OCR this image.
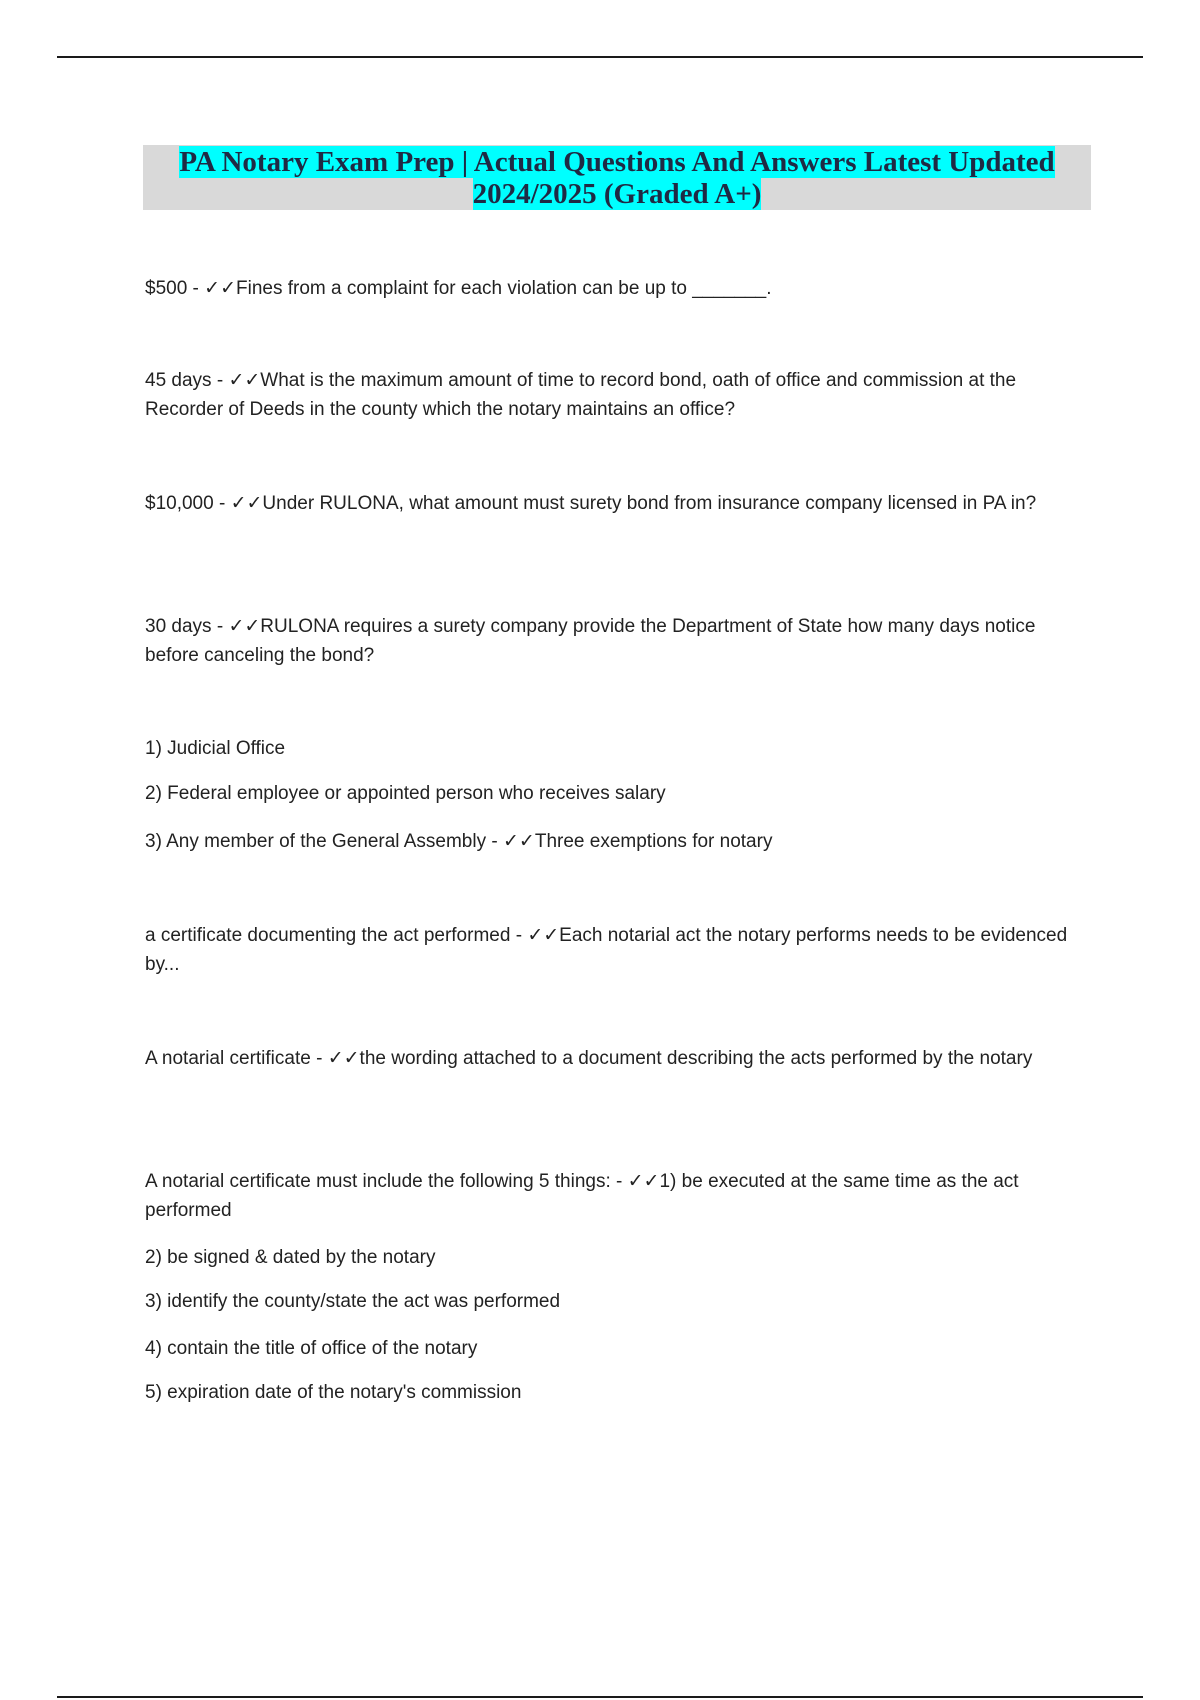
PA Notary Exam Prep | Actual Questions And Answers Latest Updated 2024/2025 (Graded A+)
$500 - ✓✓Fines from a complaint for each violation can be up to _______.
45 days - ✓✓What is the maximum amount of time to record bond, oath of office and commission at the Recorder of Deeds in the county which the notary maintains an office?
$10,000 - ✓✓Under RULONA, what amount must surety bond from insurance company licensed in PA in?
30 days - ✓✓RULONA requires a surety company provide the Department of State how many days notice before canceling the bond?
1) Judicial Office
2) Federal employee or appointed person who receives salary
3) Any member of the General Assembly - ✓✓Three exemptions for notary
a certificate documenting the act performed - ✓✓Each notarial act the notary performs needs to be evidenced by...
A notarial certificate - ✓✓the wording attached to a document describing the acts performed by the notary
A notarial certificate must include the following 5 things: - ✓✓1) be executed at the same time as the act performed
2) be signed & dated by the notary
3) identify the county/state the act was performed
4) contain the title of office of the notary
5) expiration date of the notary's commission
